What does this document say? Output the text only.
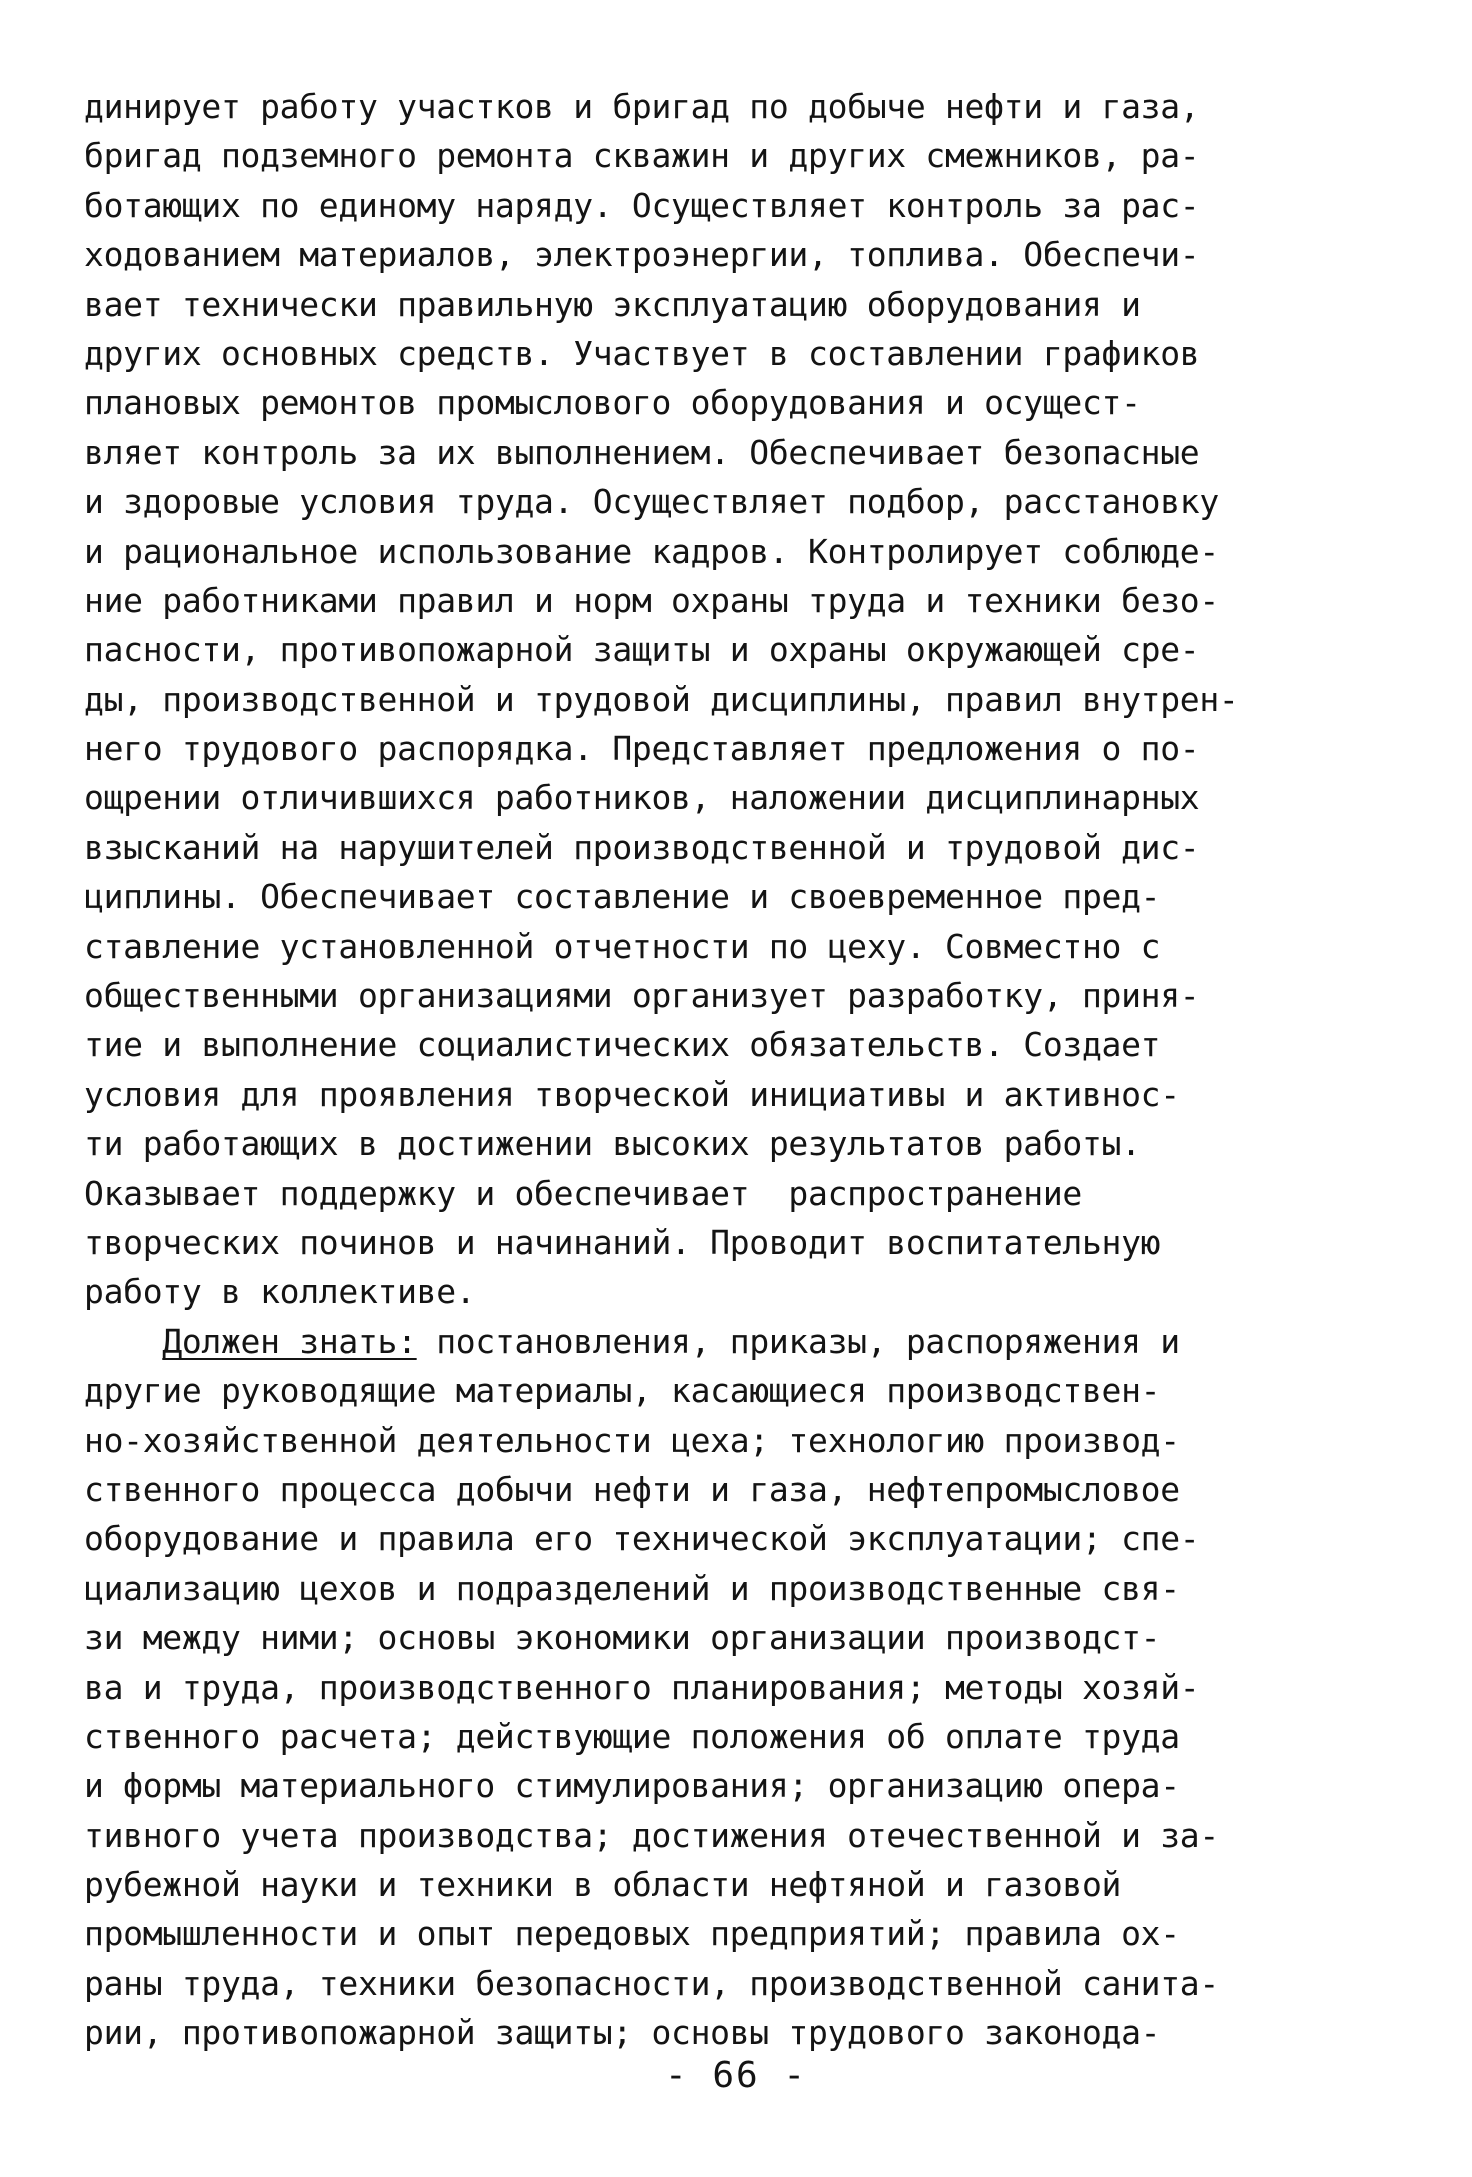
динирует работу участков и бригад по добыче нефти и газа,
бригад подземного ремонта скважин и других смежников, ра-
ботающих по единому наряду. Осуществляет контроль за рас-
ходованием материалов, электроэнергии, топлива. Обеспечи-
вает технически правильную эксплуатацию оборудования и
других основных средств. Участвует в составлении графиков
плановых ремонтов промыслового оборудования и осущест-
вляет контроль за их выполнением. Обеспечивает безопасные
и здоровые условия труда. Осуществляет подбор, расстановку
и рациональное использование кадров. Контролирует соблюде-
ние работниками правил и норм охраны труда и техники безо-
пасности, противопожарной защиты и охраны окружающей сре-
ды, производственной и трудовой дисциплины, правил внутрен-
него трудового распорядка. Представляет предложения о по-
ощрении отличившихся работников, наложении дисциплинарных
взысканий на нарушителей производственной и трудовой дис-
циплины. Обеспечивает составление и своевременное пред-
ставление установленной отчетности по цеху. Совместно с
общественными организациями организует разработку, приня-
тие и выполнение социалистических обязательств. Создает
условия для проявления творческой инициативы и активнос-
ти работающих в достижении высоких результатов работы.
Оказывает поддержку и обеспечивает  распространение
творческих починов и начинаний. Проводит воспитательную
работу в коллективе.
Должен знать: постановления, приказы, распоряжения и
другие руководящие материалы, касающиеся производствен-
но-хозяйственной деятельности цеха; технологию производ-
ственного процесса добычи нефти и газа, нефтепромысловое
оборудование и правила его технической эксплуатации; спе-
циализацию цехов и подразделений и производственные свя-
зи между ними; основы экономики организации производст-
ва и труда, производственного планирования; методы хозяй-
ственного расчета; действующие положения об оплате труда
и формы материального стимулирования; организацию опера-
тивного учета производства; достижения отечественной и за-
рубежной науки и техники в области нефтяной и газовой
промышленности и опыт передовых предприятий; правила ох-
раны труда, техники безопасности, производственной санита-
рии, противопожарной защиты; основы трудового законода-
- 66 -
